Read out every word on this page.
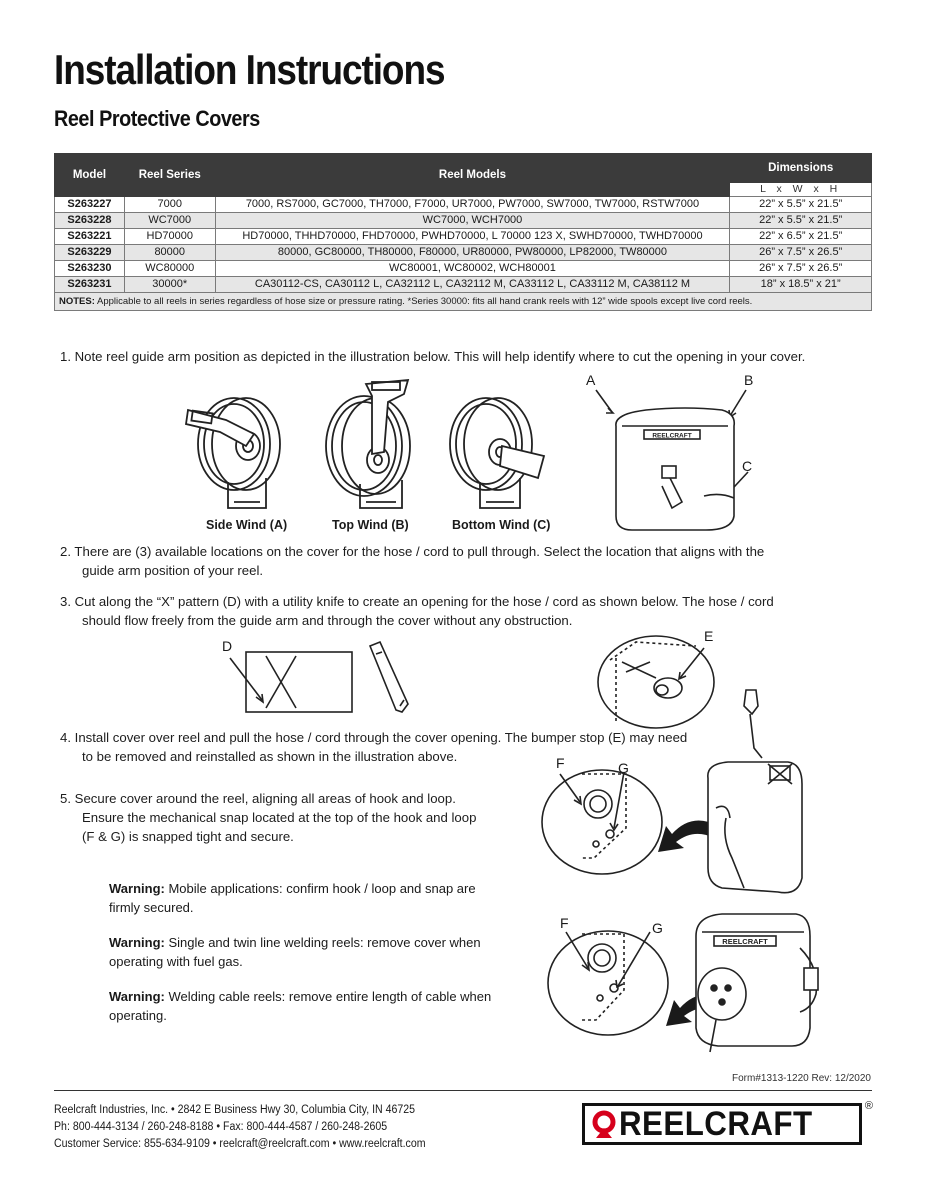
Installation Instructions
Reel Protective Covers
Model	Reel Series	Reel Models	Dimensions
			L x W x H
S263227	7000	7000, RS7000, GC7000, TH7000, F7000, UR7000, PW7000, SW7000, TW7000, RSTW7000	22” x 5.5” x 21.5”
S263228	WC7000	WC7000, WCH7000	22” x 5.5” x 21.5”
S263221	HD70000	HD70000, THHD70000, FHD70000, PWHD70000, L 70000 123 X, SWHD70000, TWHD70000	22” x 6.5” x 21.5”
S263229	80000	80000, GC80000, TH80000, F80000, UR80000, PW80000, LP82000, TW80000	26” x 7.5” x 26.5”
S263230	WC80000	WC80001, WC80002, WCH80001	26” x 7.5” x 26.5”
S263231	30000*	CA30112-CS, CA30112 L, CA32112 L, CA32112 M, CA33112 L, CA33112 M, CA38112 M	18” x 18.5” x 21”
NOTES: Applicable to all reels in series regardless of hose size or pressure rating. *Series 30000: fits all hand crank reels with 12” wide spools except live cord reels.			
1. Note reel guide arm position as depicted in the illustration below. This will help identify where to cut the opening in your cover.
Side Wind (A)	Top Wind (B)	Bottom Wind (C)
A	B
C
REELCRAFT
2. There are (3) available locations on the cover for the hose / cord to pull through. Select the location that aligns with the
guide arm position of your reel.
3. Cut along the “X” pattern (D) with a utility knife to create an opening for the hose / cord as shown below. The hose / cord
should flow freely from the guide arm and through the cover without any obstruction.
D
E
4. Install cover over reel and pull the hose / cord through the cover opening. The bumper stop (E) may need
to be removed and reinstalled as shown in the illustration above.
5. Secure cover around the reel, aligning all areas of hook and loop.
Ensure the mechanical snap located at the top of the hook and loop
(F & G) is snapped tight and secure.
F	G
Warning: Mobile applications: confirm hook / loop and snap are firmly secured.
Warning: Single and twin line welding reels: remove cover when operating with fuel gas.
Warning: Welding cable reels: remove entire length of cable when operating.
F	G
REELCRAFT
Form#1313-1220 Rev: 12/2020
Reelcraft Industries, Inc. • 2842 E Business Hwy 30, Columbia City, IN 46725
Ph: 800-444-3134 / 260-248-8188 • Fax: 800-444-4587 / 260-248-2605
Customer Service: 855-634-9109 • reelcraft@reelcraft.com • www.reelcraft.com
REELCRAFT	®
